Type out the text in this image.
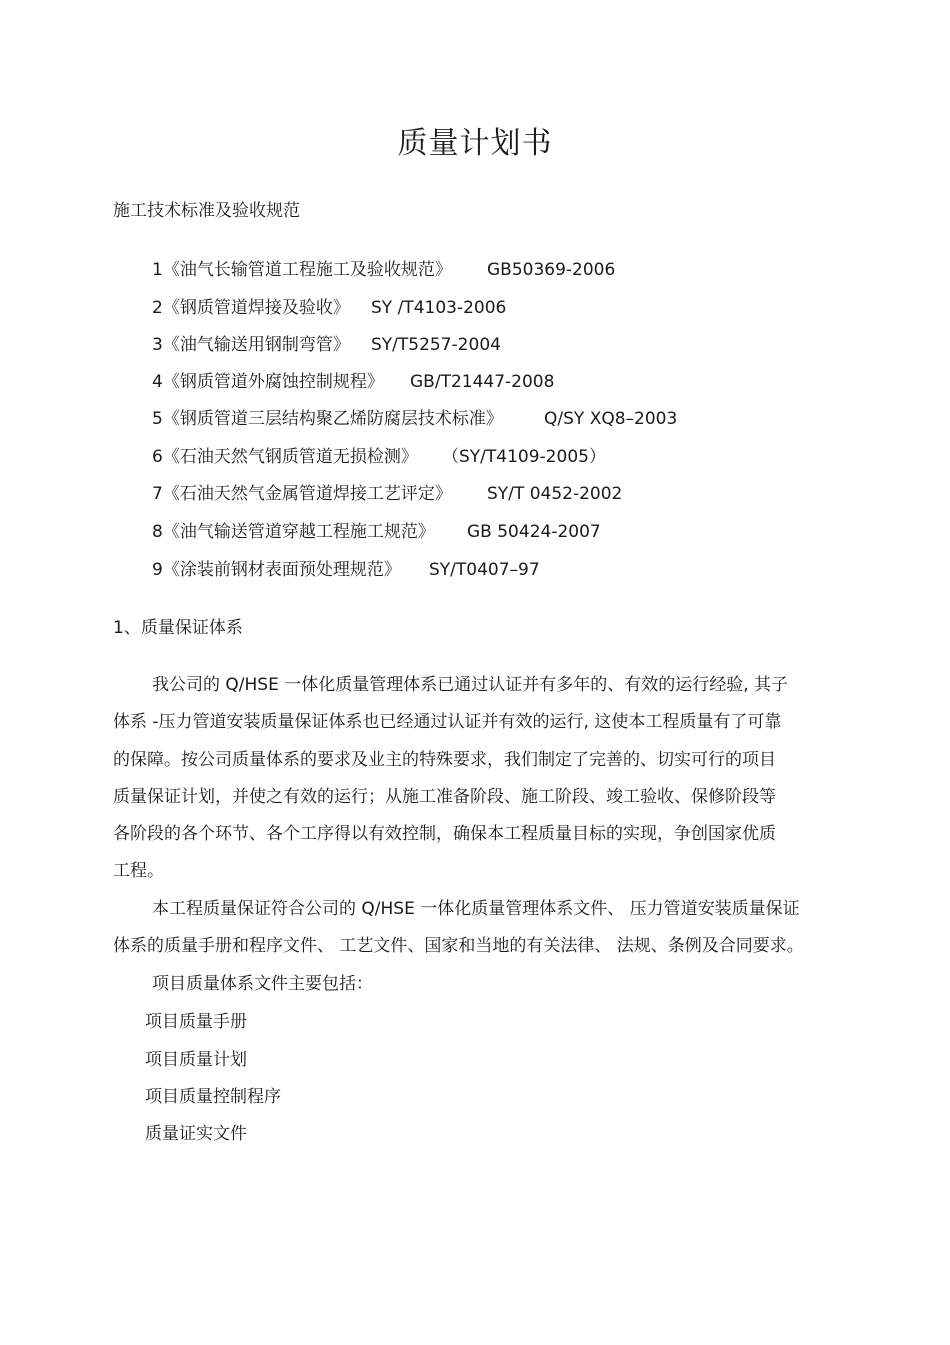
质量计划书
施工技术标准及验收规范
1《油气长输管道工程施工及验收规范》 GB50369-2006
2《钢质管道焊接及验收》 SY /T4103-2006
3《油气输送用钢制弯管》 SY/T5257-2004
4《钢质管道外腐蚀控制规程》 GB/T21447-2008
5《钢质管道三层结构聚乙烯防腐层技术标准》 Q/SY XQ8–2003
6《石油天然气钢质管道无损检测》 （SY/T4109-2005）
7《石油天然气金属管道焊接工艺评定》 SY/T 0452-2002
8《油气输送管道穿越工程施工规范》 GB 50424-2007
9《涂装前钢材表面预处理规范》 SY/T0407–97
1、质量保证体系
我公司的 Q/HSE 一体化质量管理体系已通过认证并有多年的、有效的运行经验, 其子
体系 -压力管道安装质量保证体系也已经通过认证并有效的运行, 这使本工程质量有了可靠
的保障。按公司质量体系的要求及业主的特殊要求，我们制定了完善的、切实可行的项目
质量保证计划，并使之有效的运行；从施工准备阶段、施工阶段、竣工验收、保修阶段等
各阶段的各个环节、各个工序得以有效控制，确保本工程质量目标的实现，争创国家优质
工程。
本工程质量保证符合公司的 Q/HSE 一体化质量管理体系文件、 压力管道安装质量保证
体系的质量手册和程序文件、 工艺文件、国家和当地的有关法律、 法规、条例及合同要求。
项目质量体系文件主要包括：
项目质量手册
项目质量计划
项目质量控制程序
质量证实文件
